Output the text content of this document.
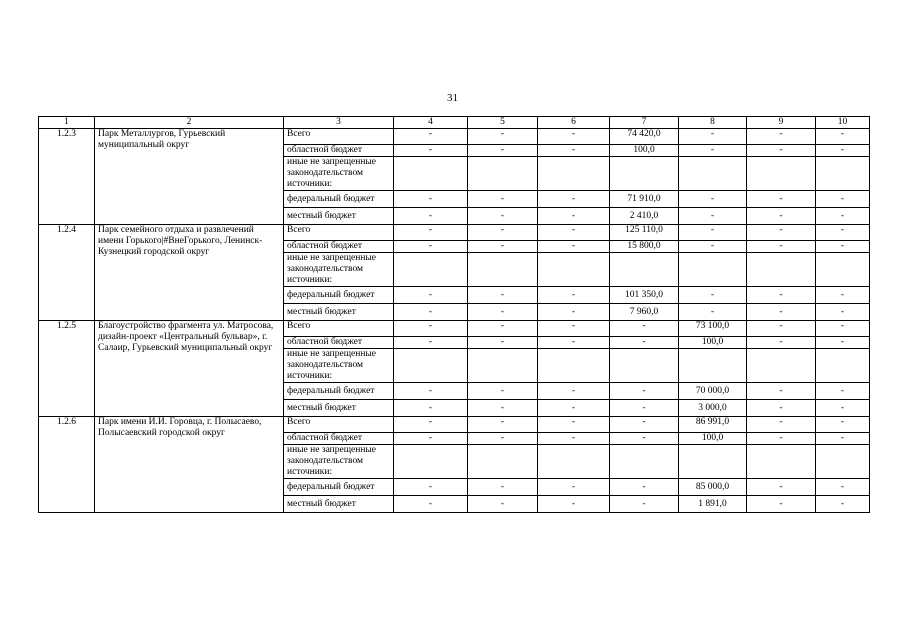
31
1	2	3	4	5	6	7	8	9	10
1.2.3	Парк Металлургов, Гурьевский муниципальный округ	Всего	-	-	-	74 420,0	-	-	-
		областной бюджет	-	-	-	100,0	-	-	-
		иные не запрещенные законодательством источники:							
		федеральный бюджет	-	-	-	71 910,0	-	-	-
		местный бюджет	-	-	-	2 410,0	-	-	-
1.2.4	Парк семейного отдыха и развлечений имени Горького|#ВнеГорького, Ленинск-Кузнецкий городской округ	Всего	-	-	-	125 110,0	-	-	-
		областной бюджет	-	-	-	15 800,0	-	-	-
		иные не запрещенные законодательством источники:							
		федеральный бюджет	-	-	-	101 350,0	-	-	-
		местный бюджет	-	-	-	7 960,0	-	-	-
1.2.5	Благоустройство фрагмента ул. Матросова, дизайн-проект «Центральный бульвар», г. Салаир, Гурьевский муниципальный округ	Всего	-	-	-	-	73 100,0	-	-
		областной бюджет	-	-	-	-	100,0	-	-
		иные не запрещенные законодательством источники:							
		федеральный бюджет	-	-	-	-	70 000,0	-	-
		местный бюджет	-	-	-	-	3 000,0	-	-
1.2.6	Парк имени И.И. Горовца, г. Полысаево, Полысаевский городской округ	Всего	-	-	-	-	86 991,0	-	-
		областной бюджет	-	-	-	-	100,0	-	-
		иные не запрещенные законодательством источники:							
		федеральный бюджет	-	-	-	-	85 000,0	-	-
		местный бюджет	-	-	-	-	1 891,0	-	-
